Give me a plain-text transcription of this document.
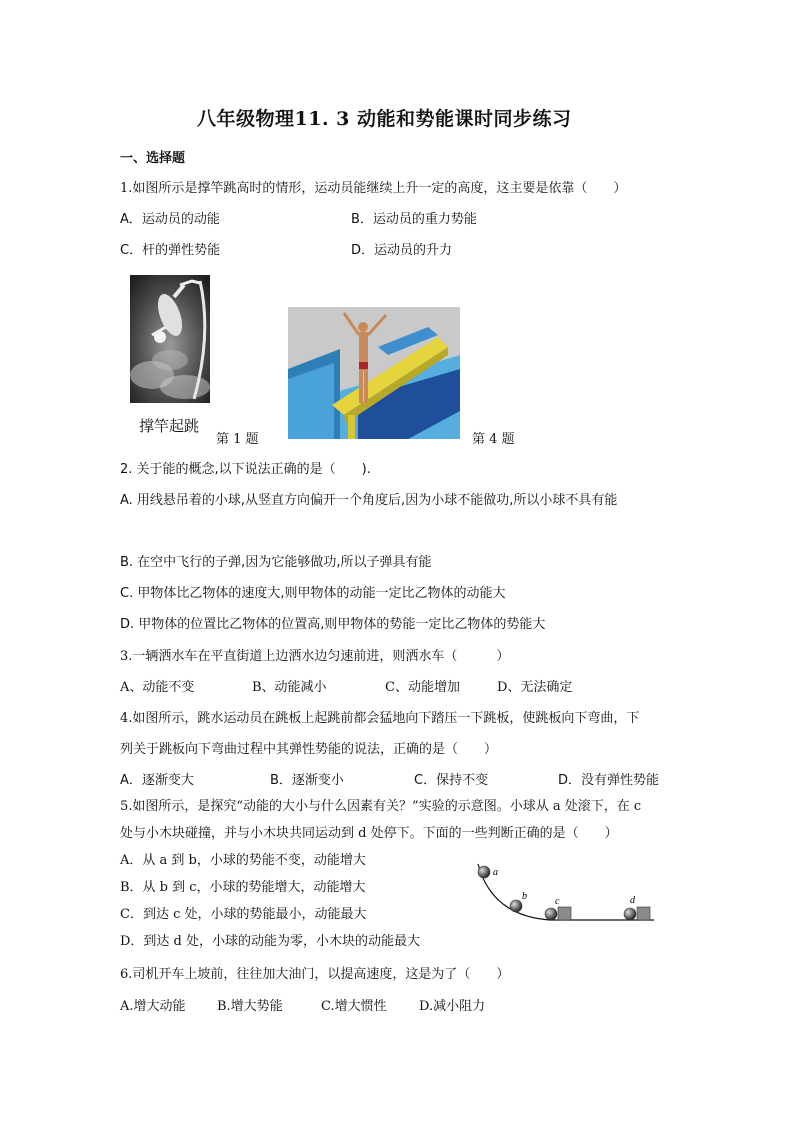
八年级物理11. 3 动能和势能课时同步练习
一、选择题
1.如图所示是撑竿跳高时的情形，运动员能继续上升一定的高度，这主要是依靠（　　）
A．运动员的动能	B．运动员的重力势能
C．杆的弹性势能	D．运动员的升力
撑竿起跳
第 1 题	第 4 题
2. 关于能的概念,以下说法正确的是（　　).
A. 用线悬吊着的小球,从竖直方向偏开一个角度后,因为小球不能做功,所以小球不具有能
B. 在空中飞行的子弹,因为它能够做功,所以子弹具有能
C. 甲物体比乙物体的速度大,则甲物体的动能一定比乙物体的动能大
D. 甲物体的位置比乙物体的位置高,则甲物体的势能一定比乙物体的势能大
3.一辆洒水车在平直街道上边洒水边匀速前进，则洒水车（　　　）
A、动能不变	B、动能减小	C、动能增加	D、无法确定
4.如图所示，跳水运动员在跳板上起跳前都会猛地向下踏压一下跳板，使跳板向下弯曲，下
列关于跳板向下弯曲过程中其弹性势能的说法，正确的是（　　）
A．逐渐变大	B．逐渐变小	C．保持不变	D．没有弹性势能
5.如图所示，是探究“动能的大小与什么因素有关？”实验的示意图。小球从 a 处滚下，在 c
处与小木块碰撞，并与小木块共同运动到 d 处停下。下面的一些判断正确的是（　　）
A．从 a 到 b，小球的势能不变，动能增大
B．从 b 到 c，小球的势能增大，动能增大
C．到达 c 处，小球的势能最小，动能最大
D．到达 d 处，小球的动能为零，小木块的动能最大
a
b	c	d
6.司机开车上坡前，往往加大油门，以提高速度，这是为了（　　）
A.增大动能 B.增大势能	C.增大惯性 D.减小阻力
